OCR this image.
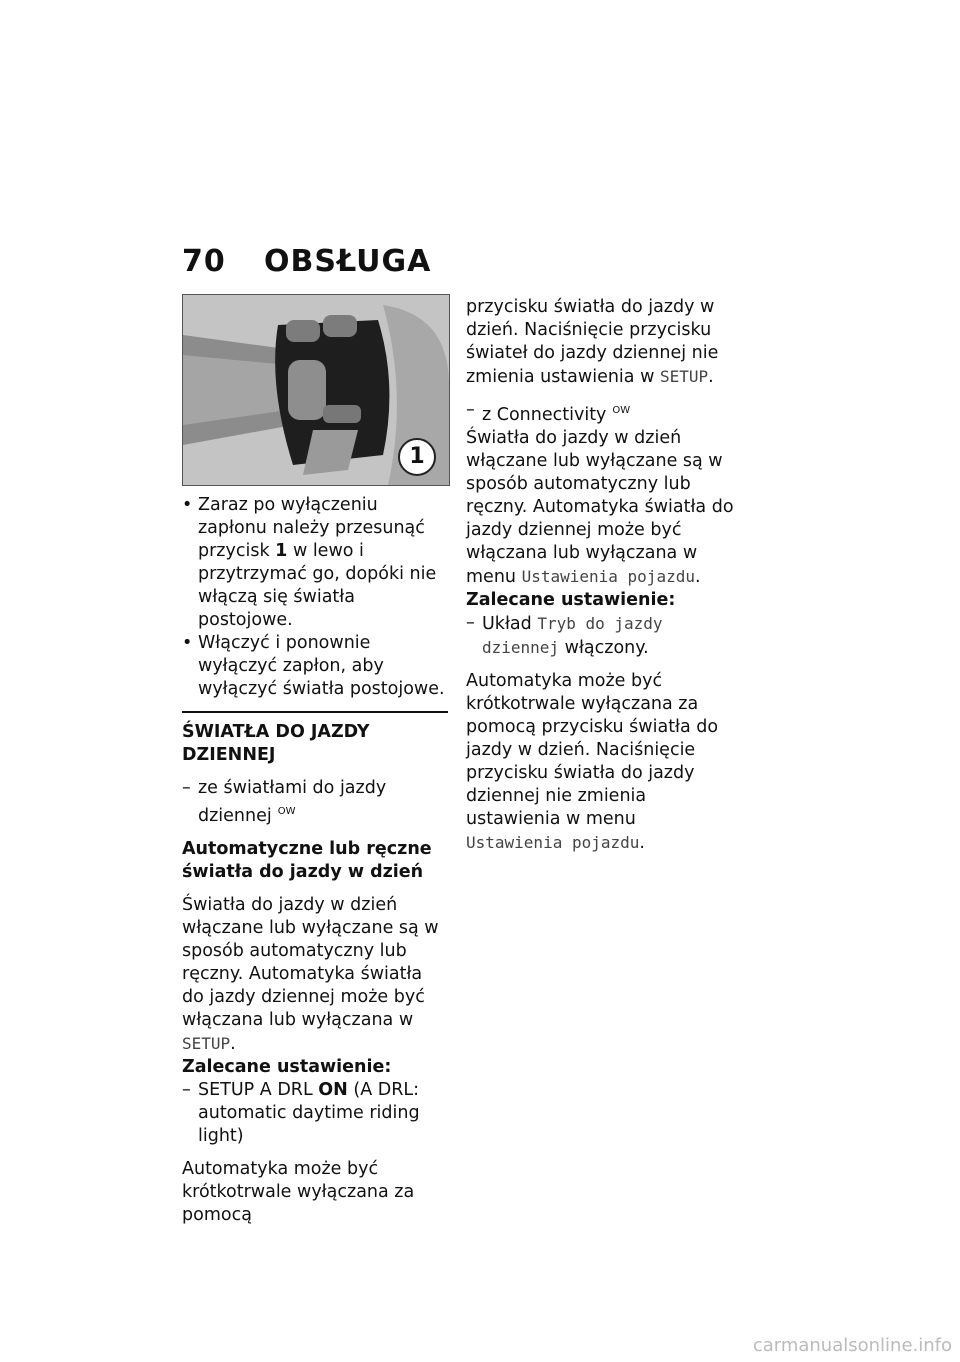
70 OBSŁUGA

• Zaraz po wyłączeniu zapłonu należy przesunąć przycisk 1 w lewo i przytrzymać go, dopóki nie włączą się światła postojowe.

• Włączyć i ponownie wyłączyć zapłon, aby wyłączyć światła postojowe.

ŚWIATŁA DO JAZDY DZIENNEJ

– ze światłami do jazdy dziennej $^{OW}$

Automatyczne lub ręczne światła do jazdy w dzień

Światła do jazdy w dzień włączane lub wyłączane są w sposób automatyczny lub ręczny. Automatyka światła do jazdy dziennej może być włączana lub wyłączana w SETUP.

Zalecane ustawienie:

– SETUP A DRL ON (A DRL: automatic daytime riding light)

Automatyka może być krótkotrwale wyłączana za pomocą

1

przycisku światła do jazdy w dzień. Naciśnięcie przycisku świateł do jazdy dziennej nie zmienia ustawienia w SETUP.

– z Connectivity $^{OW}$

Światła do jazdy w dzień włączane lub wyłączane są w sposób automatyczny lub ręczny. Automatyka światła do jazdy dziennej może być włączana lub wyłączana w menu Ustawienia pojazdu.

Zalecane ustawienie:

– Układ Tryb do jazdy dziennej włączony.

Automatyka może być krótkotrwale wyłączana za pomocą przycisku światła do jazdy w dzień. Naciśnięcie przycisku światła do jazdy dziennej nie zmienia ustawienia w menu Ustawienia pojazdu.

carmanualsonline.info
